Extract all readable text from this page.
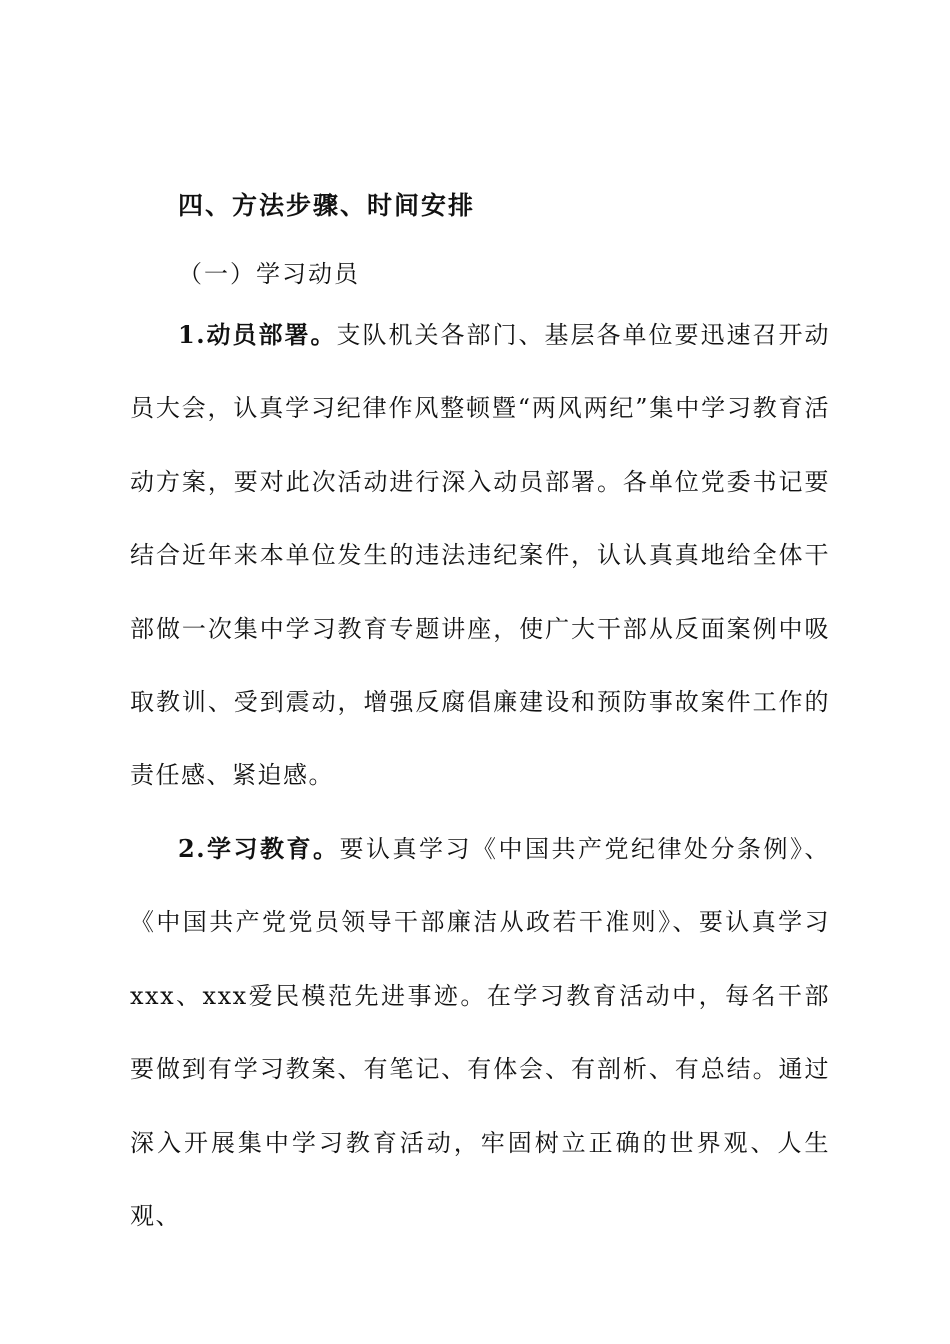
四、方法步骤、时间安排
（一）学习动员

1.动员部署。支队机关各部门、基层各单位要迅速召开动员大会，认真学习纪律作风整顿暨“两风两纪”集中学习教育活动方案，要对此次活动进行深入动员部署。各单位党委书记要结合近年来本单位发生的违法违纪案件，认认真真地给全体干部做一次集中学习教育专题讲座，使广大干部从反面案例中吸取教训、受到震动，增强反腐倡廉建设和预防事故案件工作的责任感、紧迫感。

2.学习教育。要认真学习《中国共产党纪律处分条例》、《中国共产党党员领导干部廉洁从政若干准则》、要认真学习xxx、xxx爱民模范先进事迹。在学习教育活动中，每名干部要做到有学习教案、有笔记、有体会、有剖析、有总结。通过深入开展集中学习教育活动，牢固树立正确的世界观、人生观、
